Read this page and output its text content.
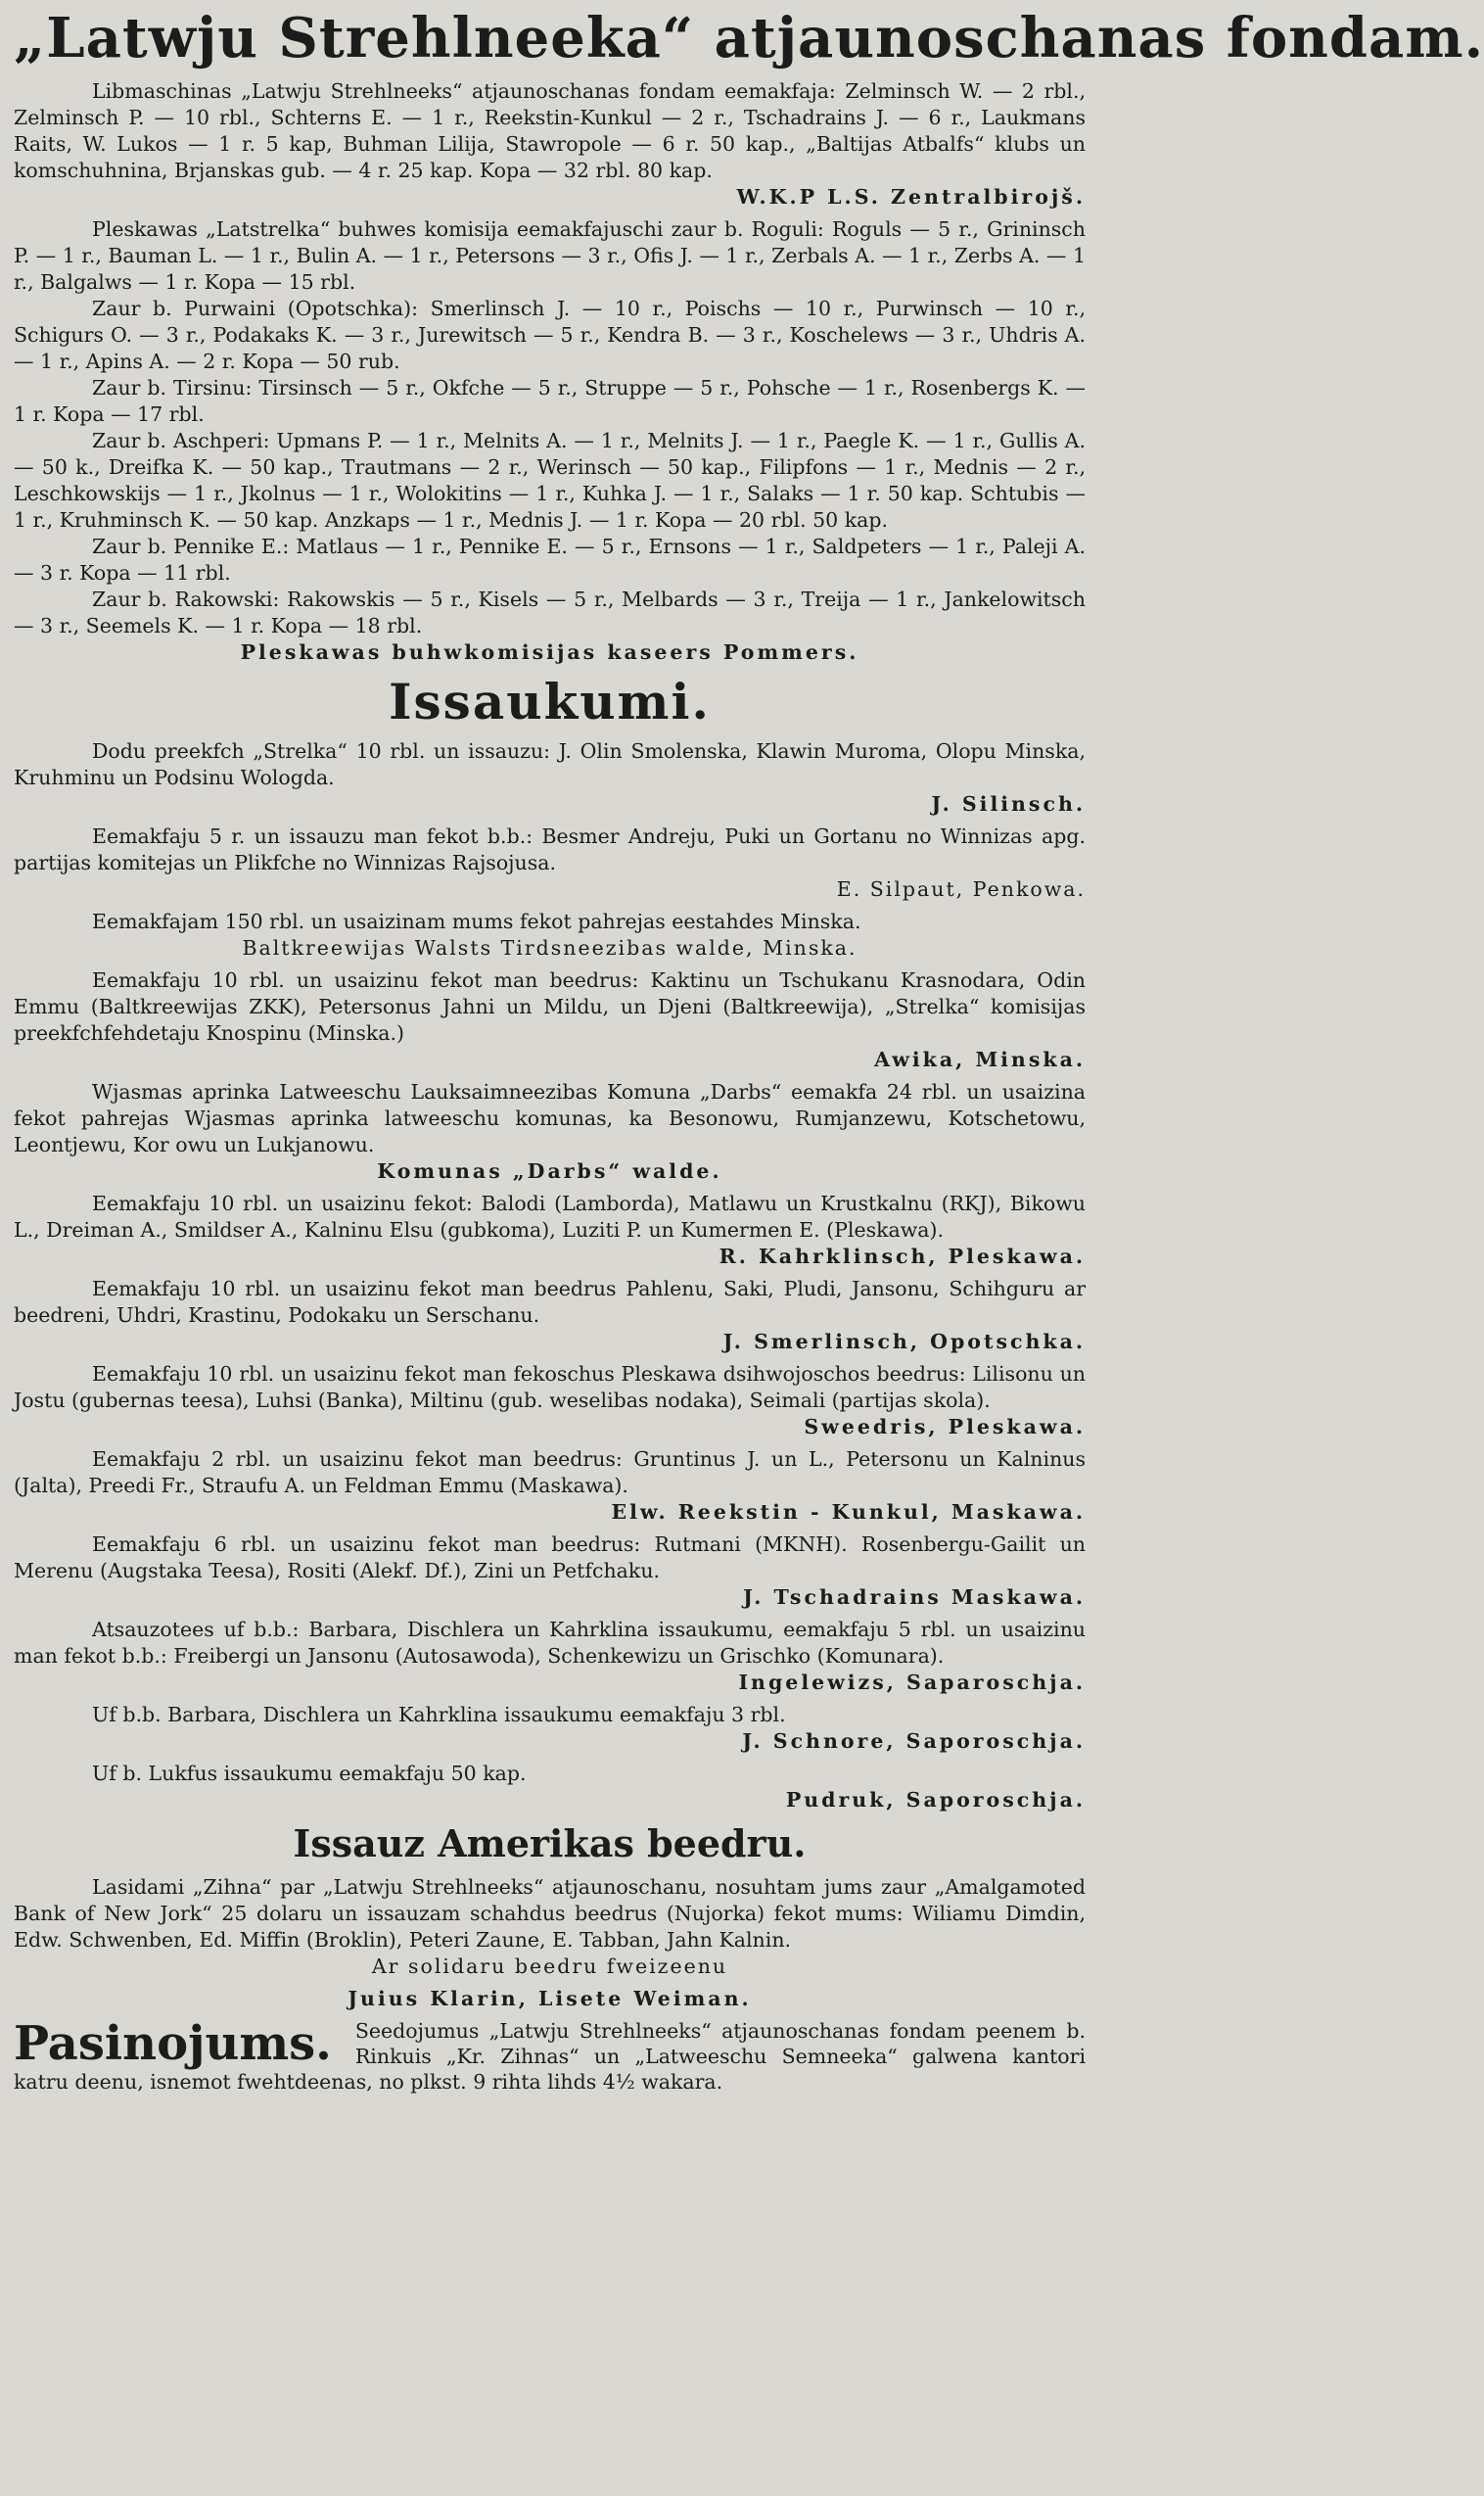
„Latwju Strehlneeka“ atjaunoschanas fondam.

Libmaschinas „Latwju Strehlneeks“ atjaunoschanas fondam eemakfaja: Zelminsch W. — 2 rbl., Zelminsch P. — 10 rbl., Schterns E. — 1 r., Reekstin-Kunkul — 2 r., Tschadrains J. — 6 r., Laukmans Raits, W. Lukos — 1 r. 5 kap, Buhman Lilija, Stawropole — 6 r. 50 kap., „Baltijas Atbalfs“ klubs un komschuhnina, Brjanskas gub. — 4 r. 25 kap. Kopa — 32 rbl. 80 kap.

W.K.P L.S. Zentralbirojš.

Pleskawas „Latstrelka“ buhwes komisija eemakfajuschi zaur b. Roguli: Roguls — 5 r., Grininsch P. — 1 r., Bauman L. — 1 r., Bulin A. — 1 r., Petersons — 3 r., Ofis J. — 1 r., Zerbals A. — 1 r., Zerbs A. — 1 r., Balgalws — 1 r. Kopa — 15 rbl.

Zaur b. Purwaini (Opotschka): Smerlinsch J. — 10 r., Poischs — 10 r., Purwinsch — 10 r., Schigurs O. — 3 r., Podakaks K. — 3 r., Jurewitsch — 5 r., Kendra B. — 3 r., Koschelews — 3 r., Uhdris A.— 1 r., Apins A. — 2 r. Kopa — 50 rub.

Zaur b. Tirsinu: Tirsinsch — 5 r., Okfche — 5 r., Struppe — 5 r., Pohsche — 1 r., Rosenbergs K. — 1 r. Kopa — 17 rbl.

Zaur b. Aschperi: Upmans P. — 1 r., Melnits A. — 1 r., Melnits J. — 1 r., Paegle K. — 1 r., Gullis A. — 50 k., Dreifka K. — 50 kap., Trautmans — 2 r., Werinsch — 50 kap., Filipfons — 1 r., Mednis — 2 r., Leschkowskijs — 1 r., Jkolnus — 1 r., Wolokitins — 1 r., Kuhka J. — 1 r., Salaks — 1 r. 50 kap. Schtubis — 1 r., Kruhminsch K. — 50 kap. Anzkaps — 1 r., Mednis J. — 1 r. Kopa — 20 rbl. 50 kap.

Zaur b. Pennike E.: Matlaus — 1 r., Pennike E. — 5 r., Ernsons — 1 r., Saldpeters — 1 r., Paleji A. — 3 r. Kopa — 11 rbl.

Zaur b. Rakowski: Rakowskis — 5 r., Kisels — 5 r., Melbards — 3 r., Treija — 1 r., Jankelowitsch — 3 r., Seemels K. — 1 r. Kopa — 18 rbl.

Pleskawas buhwkomisijas kaseers Pommers.
Issaukumi.

Dodu preekfch „Strelka“ 10 rbl. un issauzu: J. Olin Smolenska, Klawin Muroma, Olopu Minska, Kruhminu un Podsinu Wologda.

J. Silinsch.

Eemakfaju 5 r. un issauzu man fekot b.b.: Besmer Andreju, Puki un Gortanu no Winnizas apg. partijas komitejas un Plikfche no Winnizas Rajsojusa.

E. Silpaut, Penkowa.

Eemakfajam 150 rbl. un usaizinam mums fekot pahrejas eestahdes Minska.

Baltkreewijas Walsts Tirdsneezibas walde, Minska.

Eemakfaju 10 rbl. un usaizinu fekot man beedrus: Kaktinu un Tschukanu Krasnodara, Odin Emmu (Baltkreewijas ZKK), Petersonus Jahni un Mildu, un Djeni (Baltkreewija), „Strelka“ komisijas preekfchfehdetaju Knospinu (Minska.)

Awika, Minska.

Wjasmas aprinka Latweeschu Lauksaimneezibas Komuna „Darbs“ eemakfa 24 rbl. un usaizina fekot pahrejas Wjasmas aprinka latweeschu komunas, ka Besonowu, Rumjanzewu, Kotschetowu, Leontjewu, Kor owu un Lukjanowu.

Komunas „Darbs“ walde.

Eemakfaju 10 rbl. un usaizinu fekot: Balodi (Lamborda), Matlawu un Krustkalnu (RKJ), Bikowu L., Dreiman A., Smildser A., Kalninu Elsu (gubkoma), Luziti P. un Kumermen E. (Pleskawa).

R. Kahrklinsch, Pleskawa.

Eemakfaju 10 rbl. un usaizinu fekot man beedrus Pahlenu, Saki, Pludi, Jansonu, Schihguru ar beedreni, Uhdri, Krastinu, Podokaku un Serschanu.

J. Smerlinsch, Opotschka.

Eemakfaju 10 rbl. un usaizinu fekot man fekoschus Pleskawa dsihwojoschos beedrus: Lilisonu un Jostu (gubernas teesa), Luhsi (Banka), Miltinu (gub. weselibas nodaka), Seimali (partijas skola).

Sweedris, Pleskawa.

Eemakfaju 2 rbl. un usaizinu fekot man beedrus: Gruntinus J. un L., Petersonu un Kalninus (Jalta), Preedi Fr., Straufu A. un Feldman Emmu (Maskawa).

Elw. Reekstin - Kunkul, Maskawa.

Eemakfaju 6 rbl. un usaizinu fekot man beedrus: Rutmani (MKNH). Rosenbergu-Gailit un Merenu (Augstaka Teesa), Rositi (Alekf. Df.), Zini un Petfchaku.

J. Tschadrains Maskawa.

Atsauzotees uf b.b.: Barbara, Dischlera un Kahrklina issaukumu, eemakfaju 5 rbl. un usaizinu man fekot b.b.: Freibergi un Jansonu (Autosawoda), Schenkewizu un Grischko (Komunara).

Ingelewizs, Saparoschja.

Uf b.b. Barbara, Dischlera un Kahrklina issaukumu eemakfaju 3 rbl.

J. Schnore, Saporoschja.

Uf b. Lukfus issaukumu eemakfaju 50 kap.

Pudruk, Saporoschja.
Issauz Amerikas beedru.

Lasidami „Zihna“ par „Latwju Strehlneeks“ atjaunoschanu, nosuhtam jums zaur „Amalgamoted Bank of New Jork“ 25 dolaru un issauzam schahdus beedrus (Nujorka) fekot mums: Wiliamu Dimdin, Edw. Schwenben, Ed. Miffin (Broklin), Peteri Zaune, E. Tabban, Jahn Kalnin.

Ar solidaru beedru fweizeenu
Juius Klarin, Lisete Weiman.
Pasinojums.	Seedojumus „Latwju Strehlneeks“ atjaunoschanas fondam peenem b. Rinkuis „Kr. Zihnas“ un „Latweeschu Semneeka“ galwena kantori katru deenu, isnemot fwehtdeenas, no plkst. 9 rihta lihds 4½ wakara.
